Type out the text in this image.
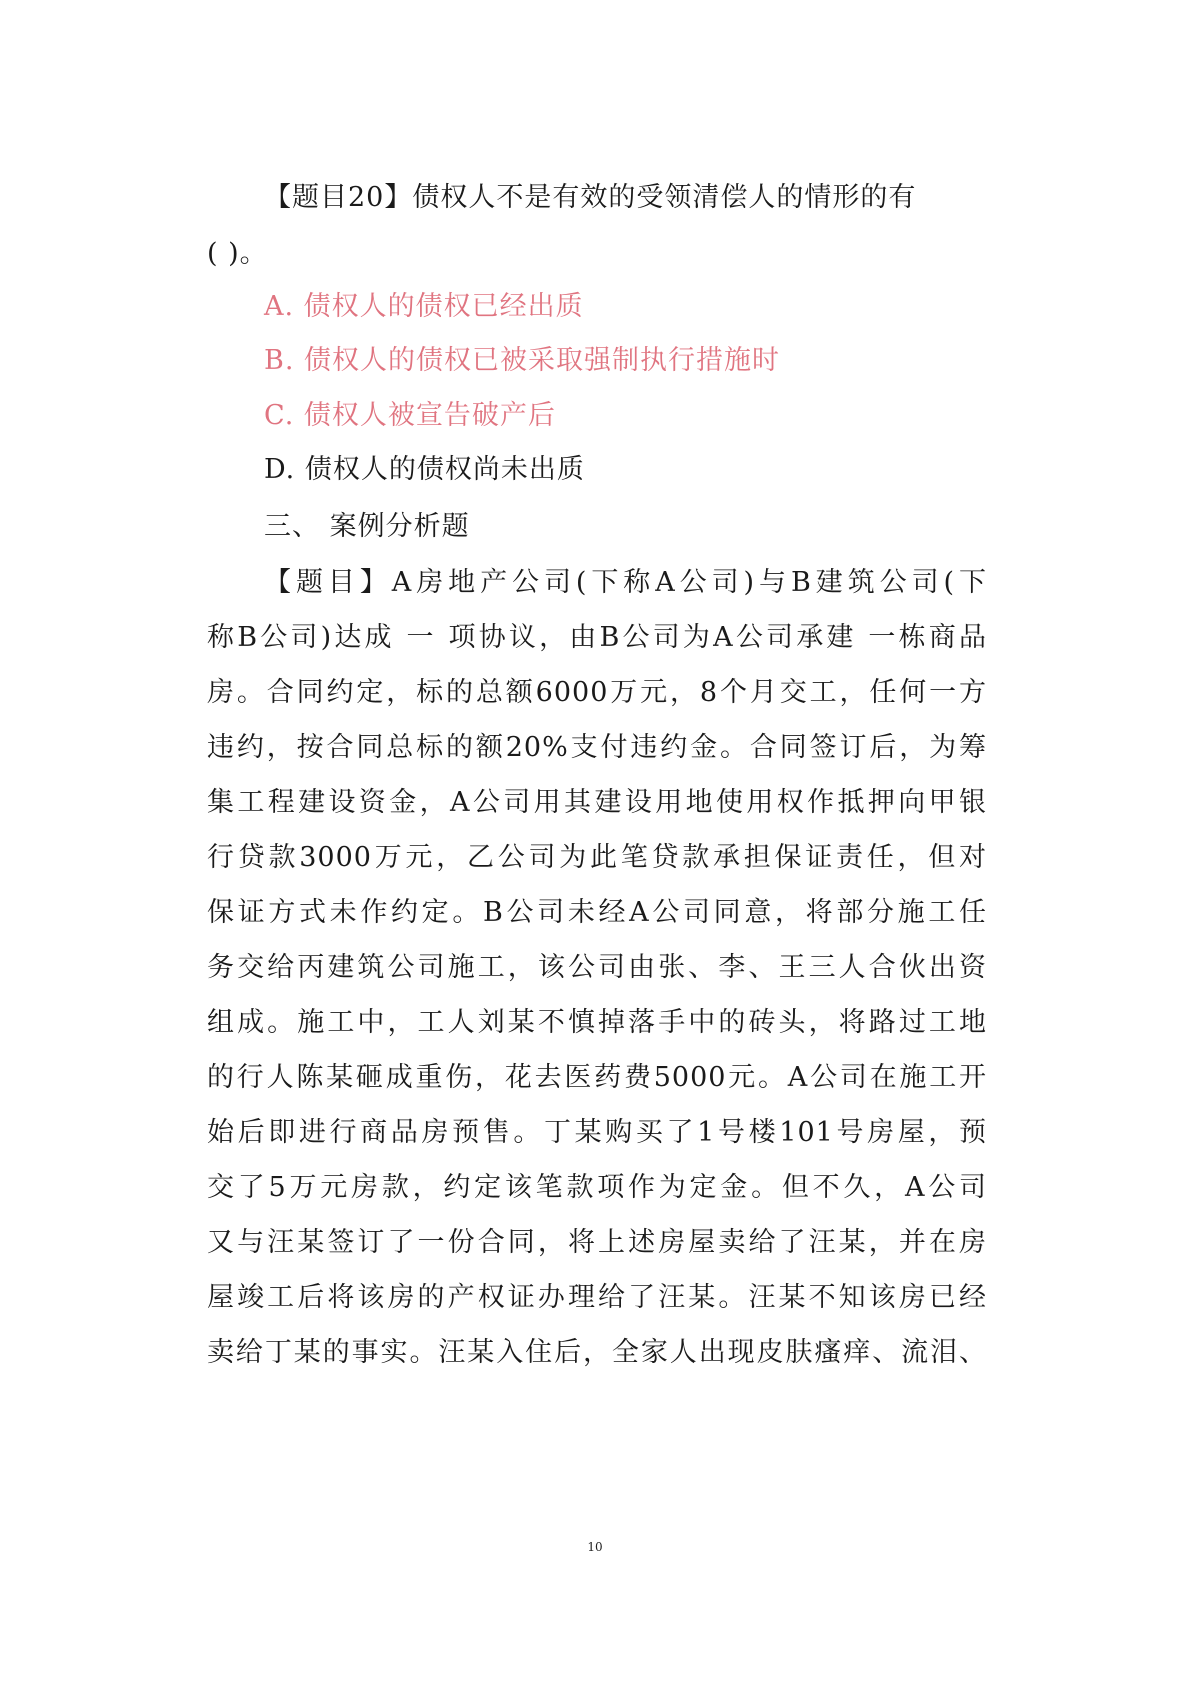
【题目20】债权人不是有效的受领清偿人的情形的有
( )。
A. 债权人的债权已经出质
B. 债权人的债权已被采取强制执行措施时
C. 债权人被宣告破产后
D. 债权人的债权尚未出质
三、 案例分析题
【题目】A房地产公司(下称A公司)与B建筑公司(下
称B公司)达成 一 项协议，由B公司为A公司承建 一栋商品
房。合同约定，标的总额6000万元，8个月交工，任何一方
违约，按合同总标的额20%支付违约金。合同签订后，为筹
集工程建设资金，A公司用其建设用地使用权作抵押向甲银
行贷款3000万元，乙公司为此笔贷款承担保证责任，但对
保证方式未作约定。B公司未经A公司同意，将部分施工任
务交给丙建筑公司施工，该公司由张、李、王三人合伙出资
组成。施工中，工人刘某不慎掉落手中的砖头，将路过工地
的行人陈某砸成重伤，花去医药费5000元。A公司在施工开
始后即进行商品房预售。丁某购买了1号楼101号房屋，预
交了5万元房款，约定该笔款项作为定金。但不久，A公司
又与汪某签订了一份合同，将上述房屋卖给了汪某，并在房
屋竣工后将该房的产权证办理给了汪某。汪某不知该房已经
卖给丁某的事实。汪某入住后，全家人出现皮肤瘙痒、流泪、
10
